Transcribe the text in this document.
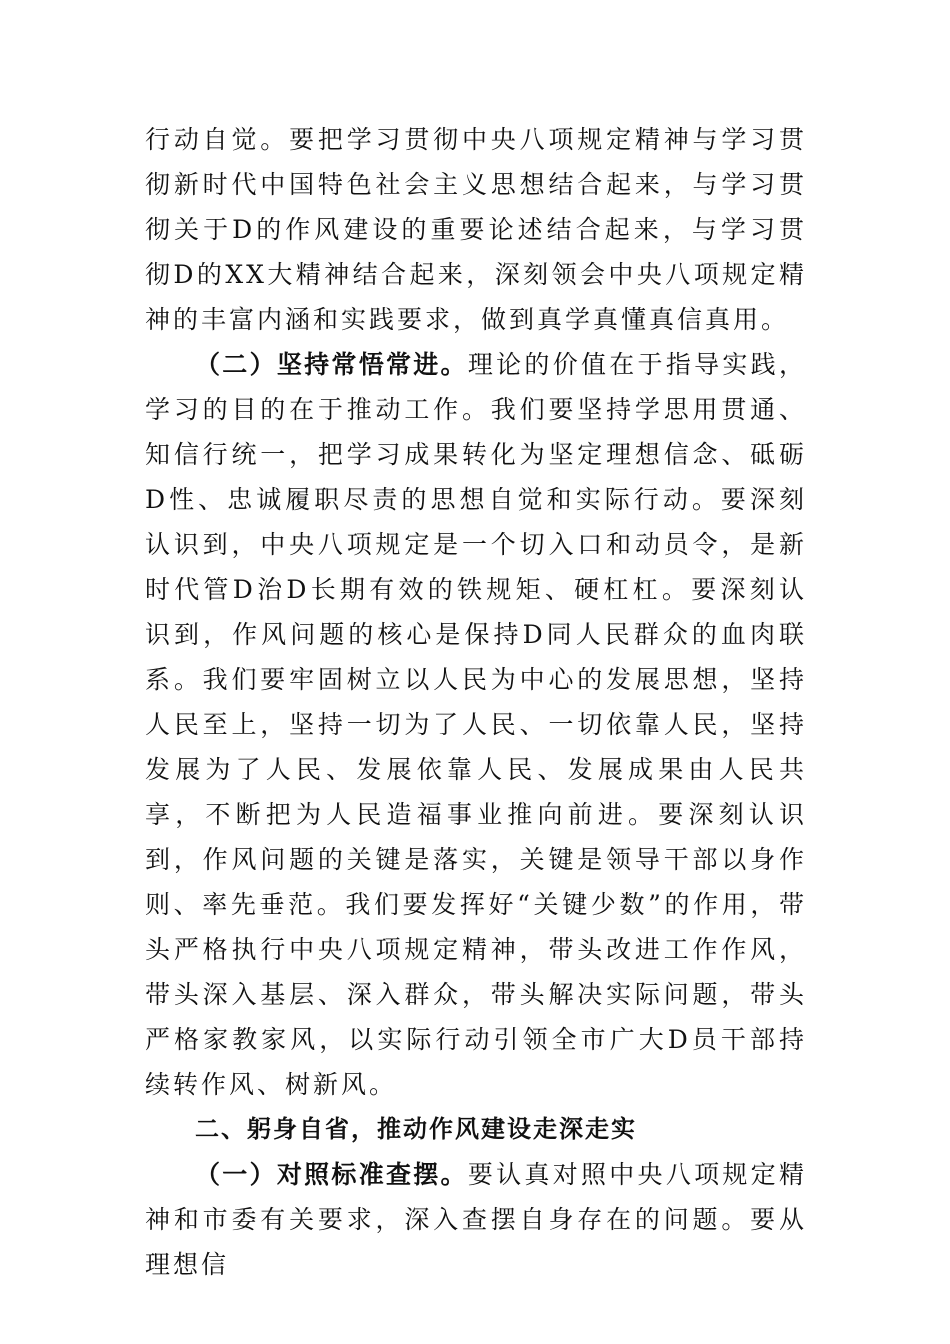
行动自觉。要把学习贯彻中央八项规定精神与学习贯彻新时代中国特色社会主义思想结合起来，与学习贯彻关于D的作风建设的重要论述结合起来，与学习贯彻D的XX大精神结合起来，深刻领会中央八项规定精神的丰富内涵和实践要求，做到真学真懂真信真用。

（二）坚持常悟常进。理论的价值在于指导实践，学习的目的在于推动工作。我们要坚持学思用贯通、知信行统一，把学习成果转化为坚定理想信念、砥砺D性、忠诚履职尽责的思想自觉和实际行动。要深刻认识到，中央八项规定是一个切入口和动员令，是新时代管D治D长期有效的铁规矩、硬杠杠。要深刻认识到，作风问题的核心是保持D同人民群众的血肉联系。我们要牢固树立以人民为中心的发展思想，坚持人民至上，坚持一切为了人民、一切依靠人民，坚持发展为了人民、发展依靠人民、发展成果由人民共享，不断把为人民造福事业推向前进。要深刻认识到，作风问题的关键是落实，关键是领导干部以身作则、率先垂范。我们要发挥好“关键少数”的作用，带头严格执行中央八项规定精神，带头改进工作作风，带头深入基层、深入群众，带头解决实际问题，带头严格家教家风，以实际行动引领全市广大D员干部持续转作风、树新风。

二、躬身自省，推动作风建设走深走实

（一）对照标准查摆。要认真对照中央八项规定精神和市委有关要求，深入查摆自身存在的问题。要从理想信
